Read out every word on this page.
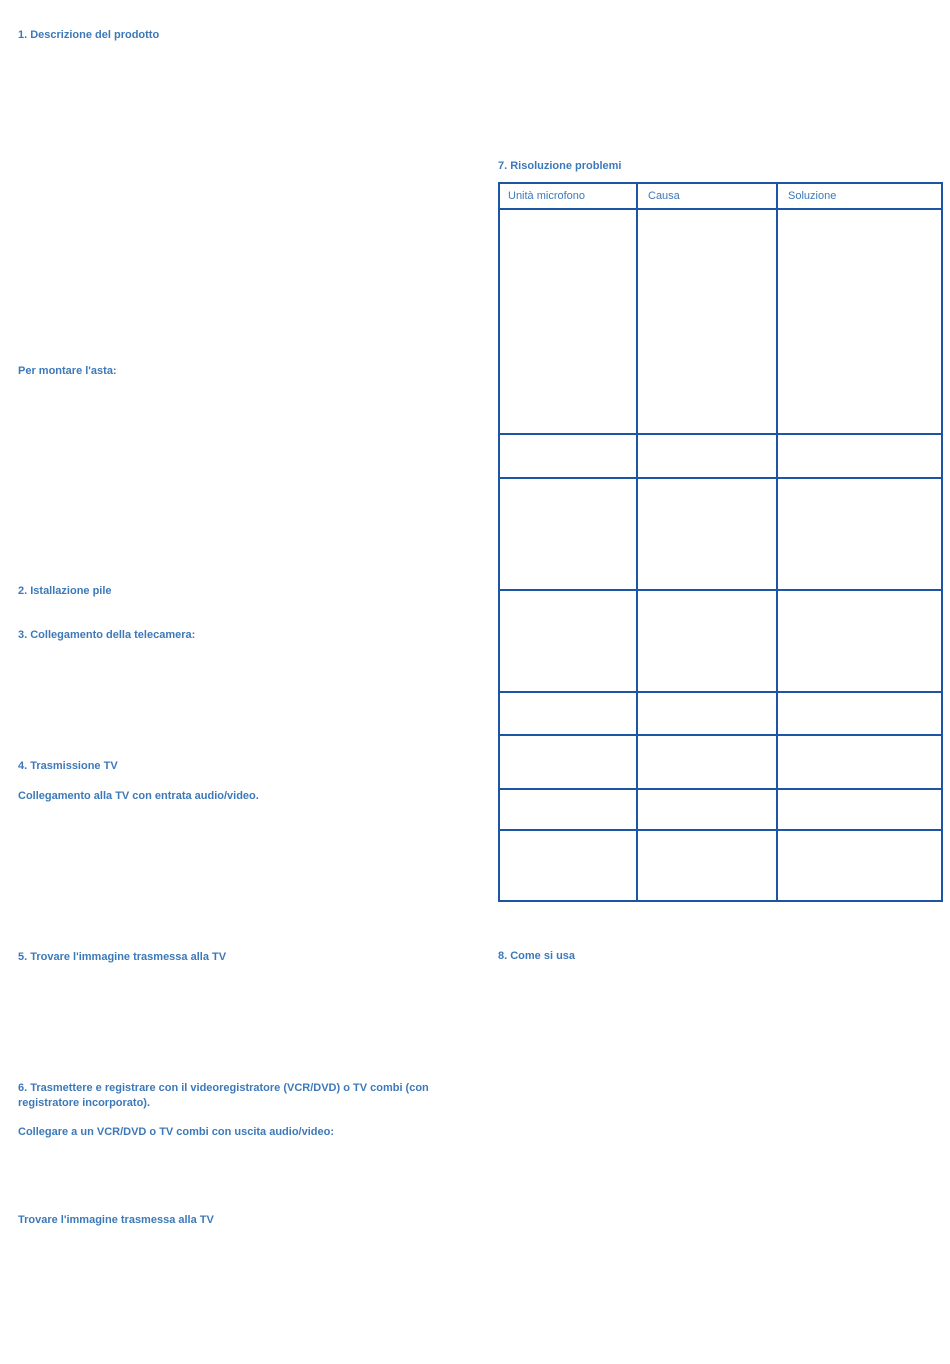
1. Descrizione del prodotto

Per montare l'asta:

2. Istallazione pile

3. Collegamento della telecamera:

4. Trasmissione TV

Collegamento alla TV con entrata audio/video.

5. Trovare l'immagine trasmessa alla TV

6. Trasmettere e registrare con il videoregistratore (VCR/DVD) o TV combi (con registratore incorporato).

Collegare a un VCR/DVD o TV combi con uscita audio/video:

Trovare l'immagine trasmessa alla TV

7. Risoluzione problemi

Unità microfono	Causa	Soluzione

8. Come si usa
